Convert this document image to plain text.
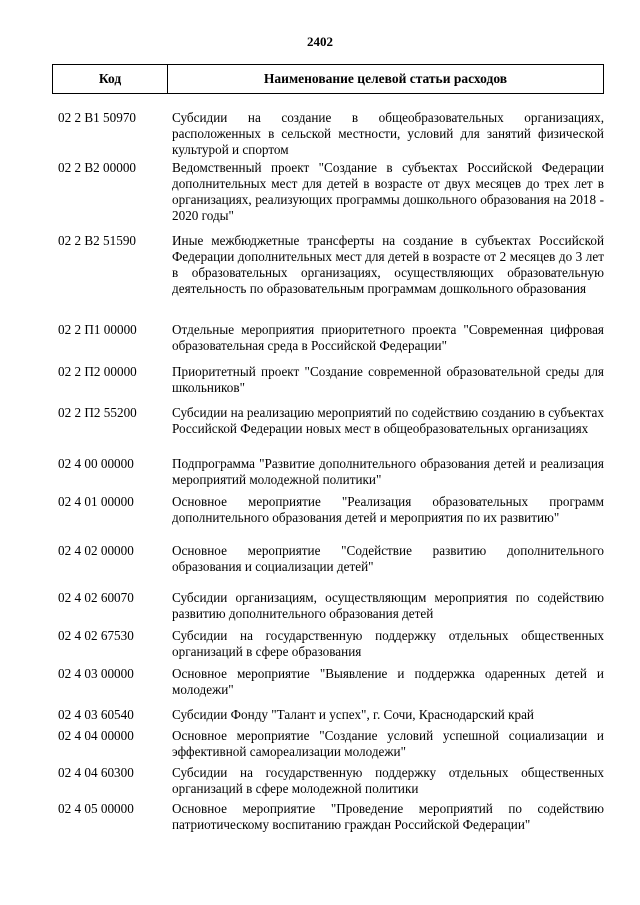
2402
Код	Наименование целевой статьи расходов
02 2 В1 50970	Субсидии на создание в общеобразовательных организациях, расположенных в сельской местности, условий для занятий физической культурой и спортом
02 2 В2 00000	Ведомственный проект "Создание в субъектах Российской Федерации дополнительных мест для детей в возрасте от двух месяцев до трех лет в организациях, реализующих программы дошкольного образования на 2018 - 2020 годы"
02 2 В2 51590	Иные межбюджетные трансферты на создание в субъектах Российской Федерации дополнительных мест для детей в возрасте от 2 месяцев до 3 лет в образовательных организациях, осуществляющих образовательную деятельность по образовательным программам дошкольного образования
02 2 П1 00000	Отдельные мероприятия приоритетного проекта "Современная цифровая образовательная среда в Российской Федерации"
02 2 П2 00000	Приоритетный проект "Создание современной образовательной среды для школьников"
02 2 П2 55200	Субсидии на реализацию мероприятий по содействию созданию в субъектах Российской Федерации новых мест в общеобразовательных организациях
02 4 00 00000	Подпрограмма "Развитие дополнительного образования детей и реализация мероприятий молодежной политики"
02 4 01 00000	Основное мероприятие "Реализация образовательных программ дополнительного образования детей и мероприятия по их развитию"
02 4 02 00000	Основное мероприятие "Содействие развитию дополнительного образования и социализации детей"
02 4 02 60070	Субсидии организациям, осуществляющим мероприятия по содействию развитию дополнительного образования детей
02 4 02 67530	Субсидии на государственную поддержку отдельных общественных организаций в сфере образования
02 4 03 00000	Основное мероприятие "Выявление и поддержка одаренных детей и молодежи"
02 4 03 60540	Субсидии Фонду "Талант и успех", г. Сочи, Краснодарский край
02 4 04 00000	Основное мероприятие "Создание условий успешной социализации и эффективной самореализации молодежи"
02 4 04 60300	Субсидии на государственную поддержку отдельных общественных организаций в сфере молодежной политики
02 4 05 00000	Основное мероприятие "Проведение мероприятий по содействию патриотическому воспитанию граждан Российской Федерации"
